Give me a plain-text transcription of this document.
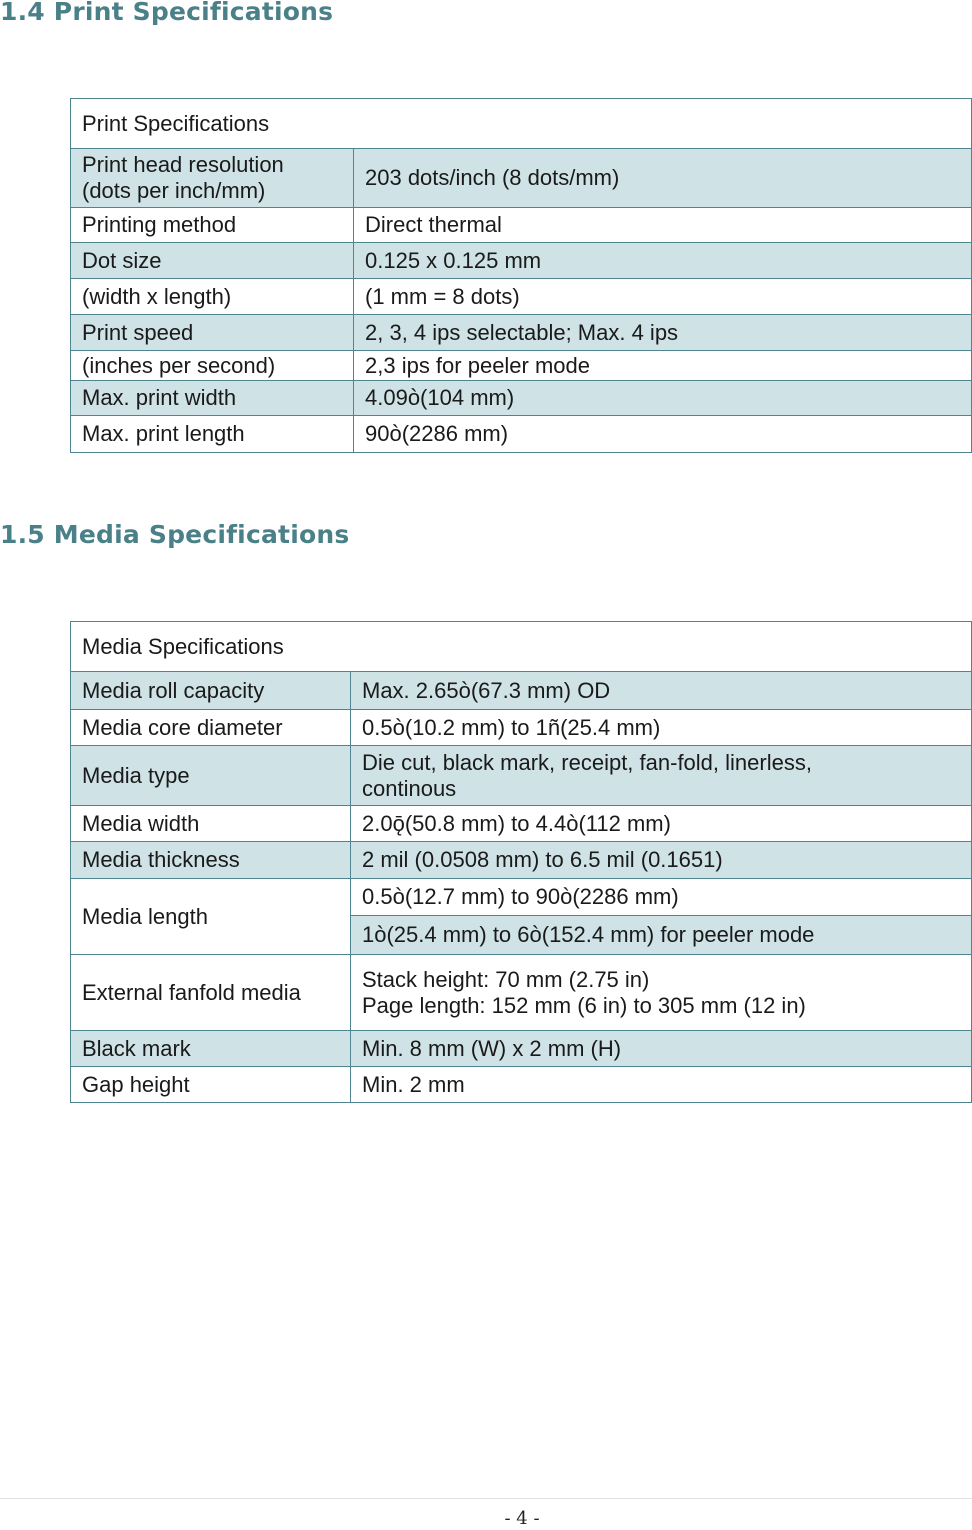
1.4 Print Specifications
Print Specifications	
Print head resolution
(dots per inch/mm)	203 dots/inch (8 dots/mm)
Printing method	Direct thermal
Dot size	0.125 x 0.125 mm
(width x length)	(1 mm = 8 dots)
Print speed	2, 3, 4 ips selectable; Max. 4 ips
(inches per second)	2,3 ips for peeler mode
Max. print width	4.09ò(104 mm)
Max. print length	90ò(2286 mm)
1.5 Media Specifications
Media Specifications	
Media roll capacity	Max. 2.65ò(67.3 mm) OD
Media core diameter	0.5ò(10.2 mm) to 1ñ(25.4 mm)
Media type	Die cut, black mark, receipt, fan-fold, linerless,
continous
Media width	2.0ǭ(50.8 mm) to 4.4ò(112 mm)
Media thickness	2 mil (0.0508 mm) to 6.5 mil (0.1651)
Media length	0.5ò(12.7 mm) to 90ò(2286 mm)
	1ò(25.4 mm) to 6ò(152.4 mm) for peeler mode
External fanfold media	Stack height: 70 mm (2.75 in)
Page length: 152 mm (6 in) to 305 mm (12 in)
Black mark	Min. 8 mm (W) x 2 mm (H)
Gap height	Min. 2 mm
- 4 -
